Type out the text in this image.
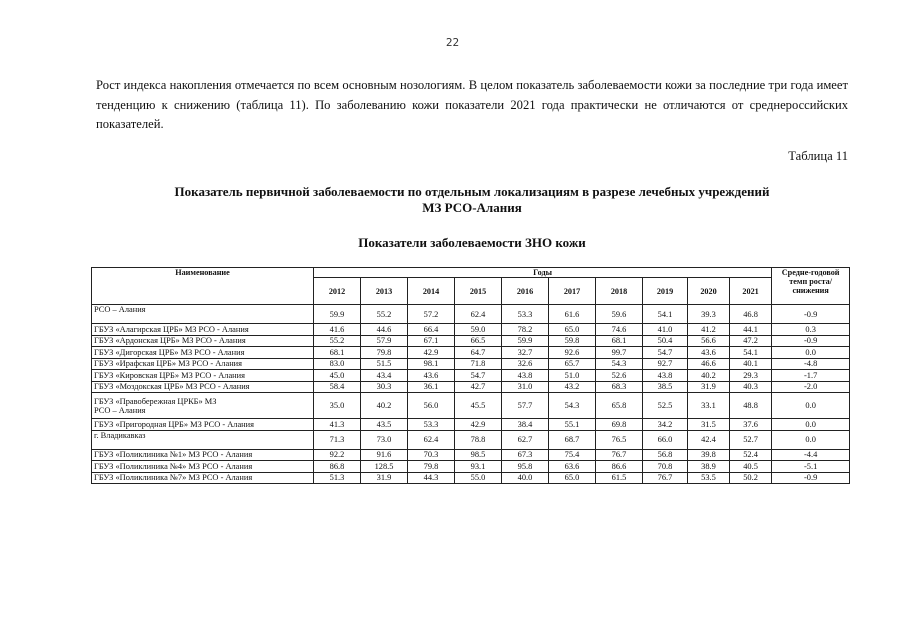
22

Рост индекса накопления отмечается по всем основным нозологиям. В целом показатель заболеваемости кожи за последние три года имеет тенденцию к снижению (таблица 11). По заболеванию кожи показатели 2021 года практически не отличаются от среднероссийских показателей.

Таблица 11
Показатель первичной заболеваемости по отдельным локализациям в разрезе лечебных учреждений
МЗ РСО-Алания
Показатели заболеваемости ЗНО кожи
Наименование	Годы										Средне-годовой темп роста/ снижения
	2012	2013	2014	2015	2016	2017	2018	2019	2020	2021	
РСО – Алания	59.9	55.2	57.2	62.4	53.3	61.6	59.6	54.1	39.3	46.8	-0.9
ГБУЗ «Алагирская ЦРБ» МЗ РСО - Алания	41.6	44.6	66.4	59.0	78.2	65.0	74.6	41.0	41.2	44.1	0.3
ГБУЗ «Ардонская ЦРБ» МЗ РСО - Алания	55.2	57.9	67.1	66.5	59.9	59.8	68.1	50.4	56.6	47.2	-0.9
ГБУЗ «Дигорская ЦРБ» МЗ РСО - Алания	68.1	79.8	42.9	64.7	32.7	92.6	99.7	54.7	43.6	54.1	0.0
ГБУЗ «Ирафская ЦРБ» МЗ РСО - Алания	83.0	51.5	98.1	71.8	32.6	65.7	54.3	92.7	46.6	40.1	-4.8
ГБУЗ «Кировская ЦРБ» МЗ РСО - Алания	45.0	43.4	43.6	54.7	43.8	51.0	52.6	43.8	40.2	29.3	-1.7
ГБУЗ «Моздокская ЦРБ» МЗ РСО - Алания	58.4	30.3	36.1	42.7	31.0	43.2	68.3	38.5	31.9	40.3	-2.0

ГБУЗ «Правобережная ЦРКБ» МЗ
РСО – Алания	35.0	40.2	56.0	45.5	57.7	54.3	65.8	52.5	33.1	48.8	0.0
ГБУЗ «Пригородная ЦРБ» МЗ РСО - Алания	41.3	43.5	53.3	42.9	38.4	55.1	69.8	34.2	31.5	37.6	0.0
г. Владикавказ	71.3	73.0	62.4	78.8	62.7	68.7	76.5	66.0	42.4	52.7	0.0
ГБУЗ «Поликлиника №1» МЗ РСО - Алания	92.2	91.6	70.3	98.5	67.3	75.4	76.7	56.8	39.8	52.4	-4.4
ГБУЗ «Поликлиника №4» МЗ РСО - Алания	86.8	128.5	79.8	93.1	95.8	63.6	86.6	70.8	38.9	40.5	-5.1
ГБУЗ «Поликлиника №7» МЗ РСО - Алания	51.3	31.9	44.3	55.0	40.0	65.0	61.5	76.7	53.5	50.2	-0.9
